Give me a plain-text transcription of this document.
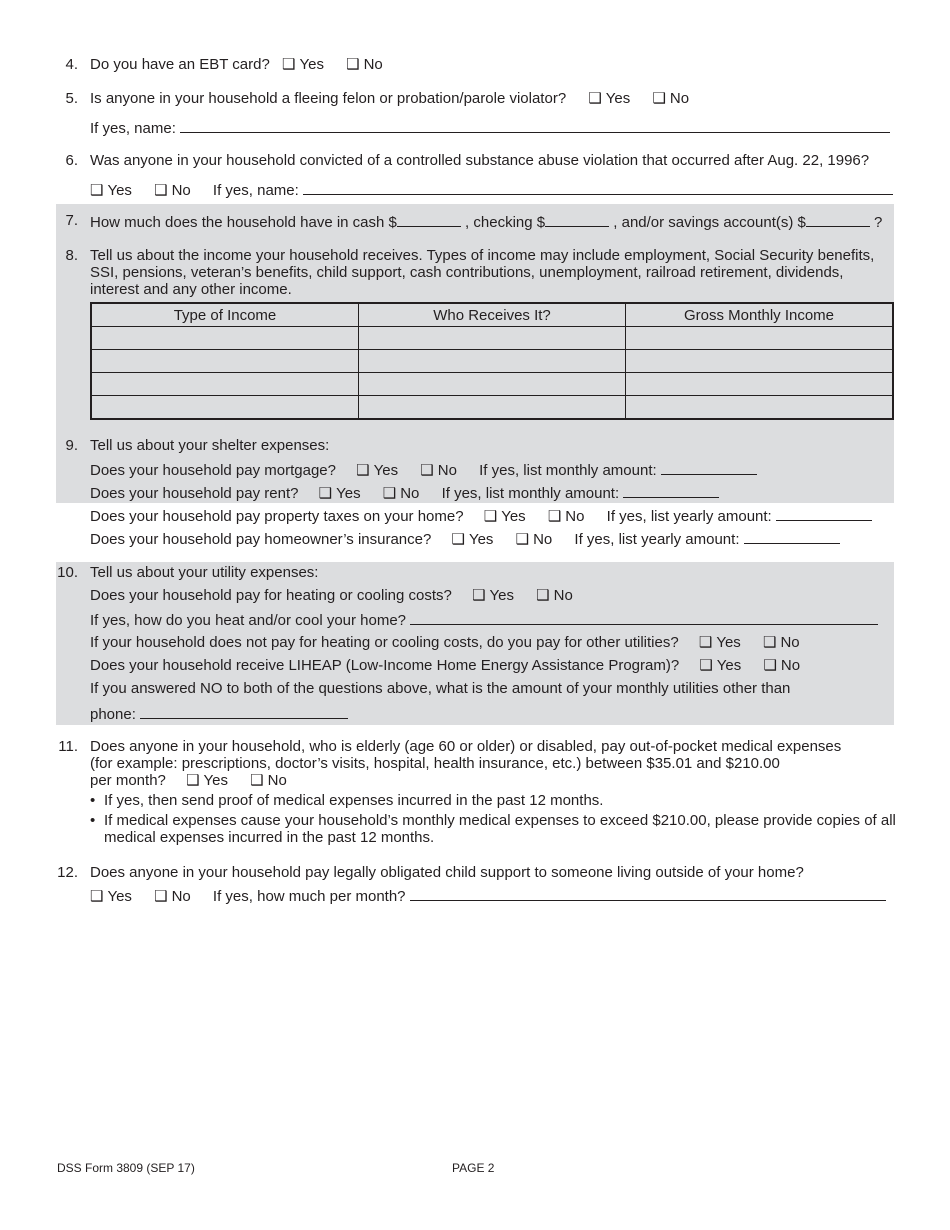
4. Do you have an EBT card? ❑ Yes ❑ No
5. Is anyone in your household a fleeing felon or probation/parole violator? ❑ Yes ❑ No
If yes, name:
6. Was anyone in your household convicted of a controlled substance abuse violation that occurred after Aug. 22, 1996?
❑ Yes ❑ No If yes, name:
7. How much does the household have in cash $	, checking $	, and/or savings account(s) $	?
8. Tell us about the income your household receives. Types of income may include employment, Social Security benefits, SSI, pensions, veteran’s benefits, child support, cash contributions, unemployment, railroad retirement, dividends, interest and any other income.
Type of Income	Who Receives It?	Gross Monthly Income

9. Tell us about your shelter expenses:
Does your household pay mortgage? ❑ Yes ❑ No If yes, list monthly amount:
Does your household pay rent? ❑ Yes ❑ No If yes, list monthly amount:
Does your household pay property taxes on your home? ❑ Yes ❑ No If yes, list yearly amount:
Does your household pay homeowner’s insurance? ❑ Yes ❑ No If yes, list yearly amount:
10. Tell us about your utility expenses:
Does your household pay for heating or cooling costs? ❑ Yes ❑ No
If yes, how do you heat and/or cool your home?
If your household does not pay for heating or cooling costs, do you pay for other utilities? ❑ Yes ❑ No
Does your household receive LIHEAP (Low-Income Home Energy Assistance Program)? ❑ Yes ❑ No
If you answered NO to both of the questions above, what is the amount of your monthly utilities other than
phone:
11. Does anyone in your household, who is elderly (age 60 or older) or disabled, pay out-of-pocket medical expenses
(for example: prescriptions, doctor’s visits, hospital, health insurance, etc.) between $35.01 and $210.00
per month? ❑ Yes ❑ No
• If yes, then send proof of medical expenses incurred in the past 12 months.
• If medical expenses cause your household’s monthly medical expenses to exceed $210.00, please provide copies of all medical expenses incurred in the past 12 months.
12. Does anyone in your household pay legally obligated child support to someone living outside of your home?
❑ Yes ❑ No If yes, how much per month?
DSS Form 3809 (SEP 17)	PAGE 2
